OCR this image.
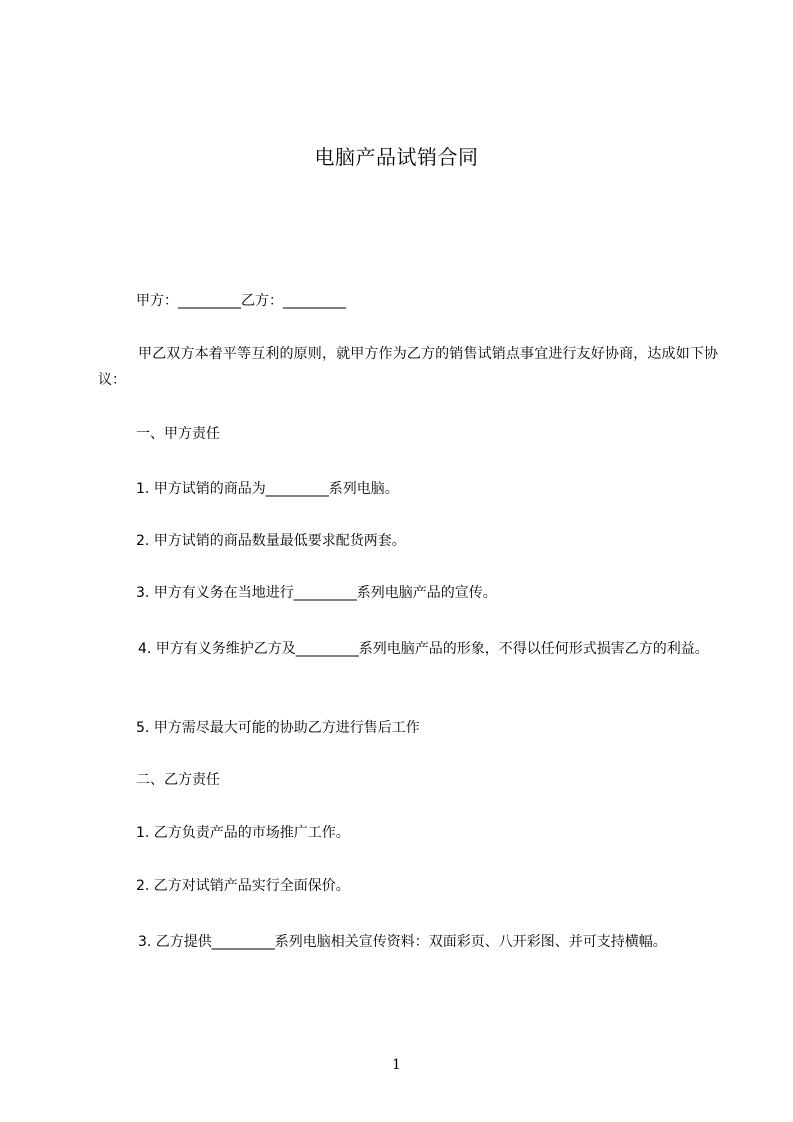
电脑产品试销合同
甲方：_________乙方：_________
甲乙双方本着平等互利的原则，就甲方作为乙方的销售试销点事宜进行友好协商，达成如下协议：
一、甲方责任
1. 甲方试销的商品为_________系列电脑。
2. 甲方试销的商品数量最低要求配货两套。
3. 甲方有义务在当地进行_________系列电脑产品的宣传。
4. 甲方有义务维护乙方及_________系列电脑产品的形象，不得以任何形式损害乙方的利益。
5. 甲方需尽最大可能的协助乙方进行售后工作
二、乙方责任
1. 乙方负责产品的市场推广工作。
2. 乙方对试销产品实行全面保价。
3. 乙方提供_________系列电脑相关宣传资料：双面彩页、八开彩图、并可支持横幅。
1
